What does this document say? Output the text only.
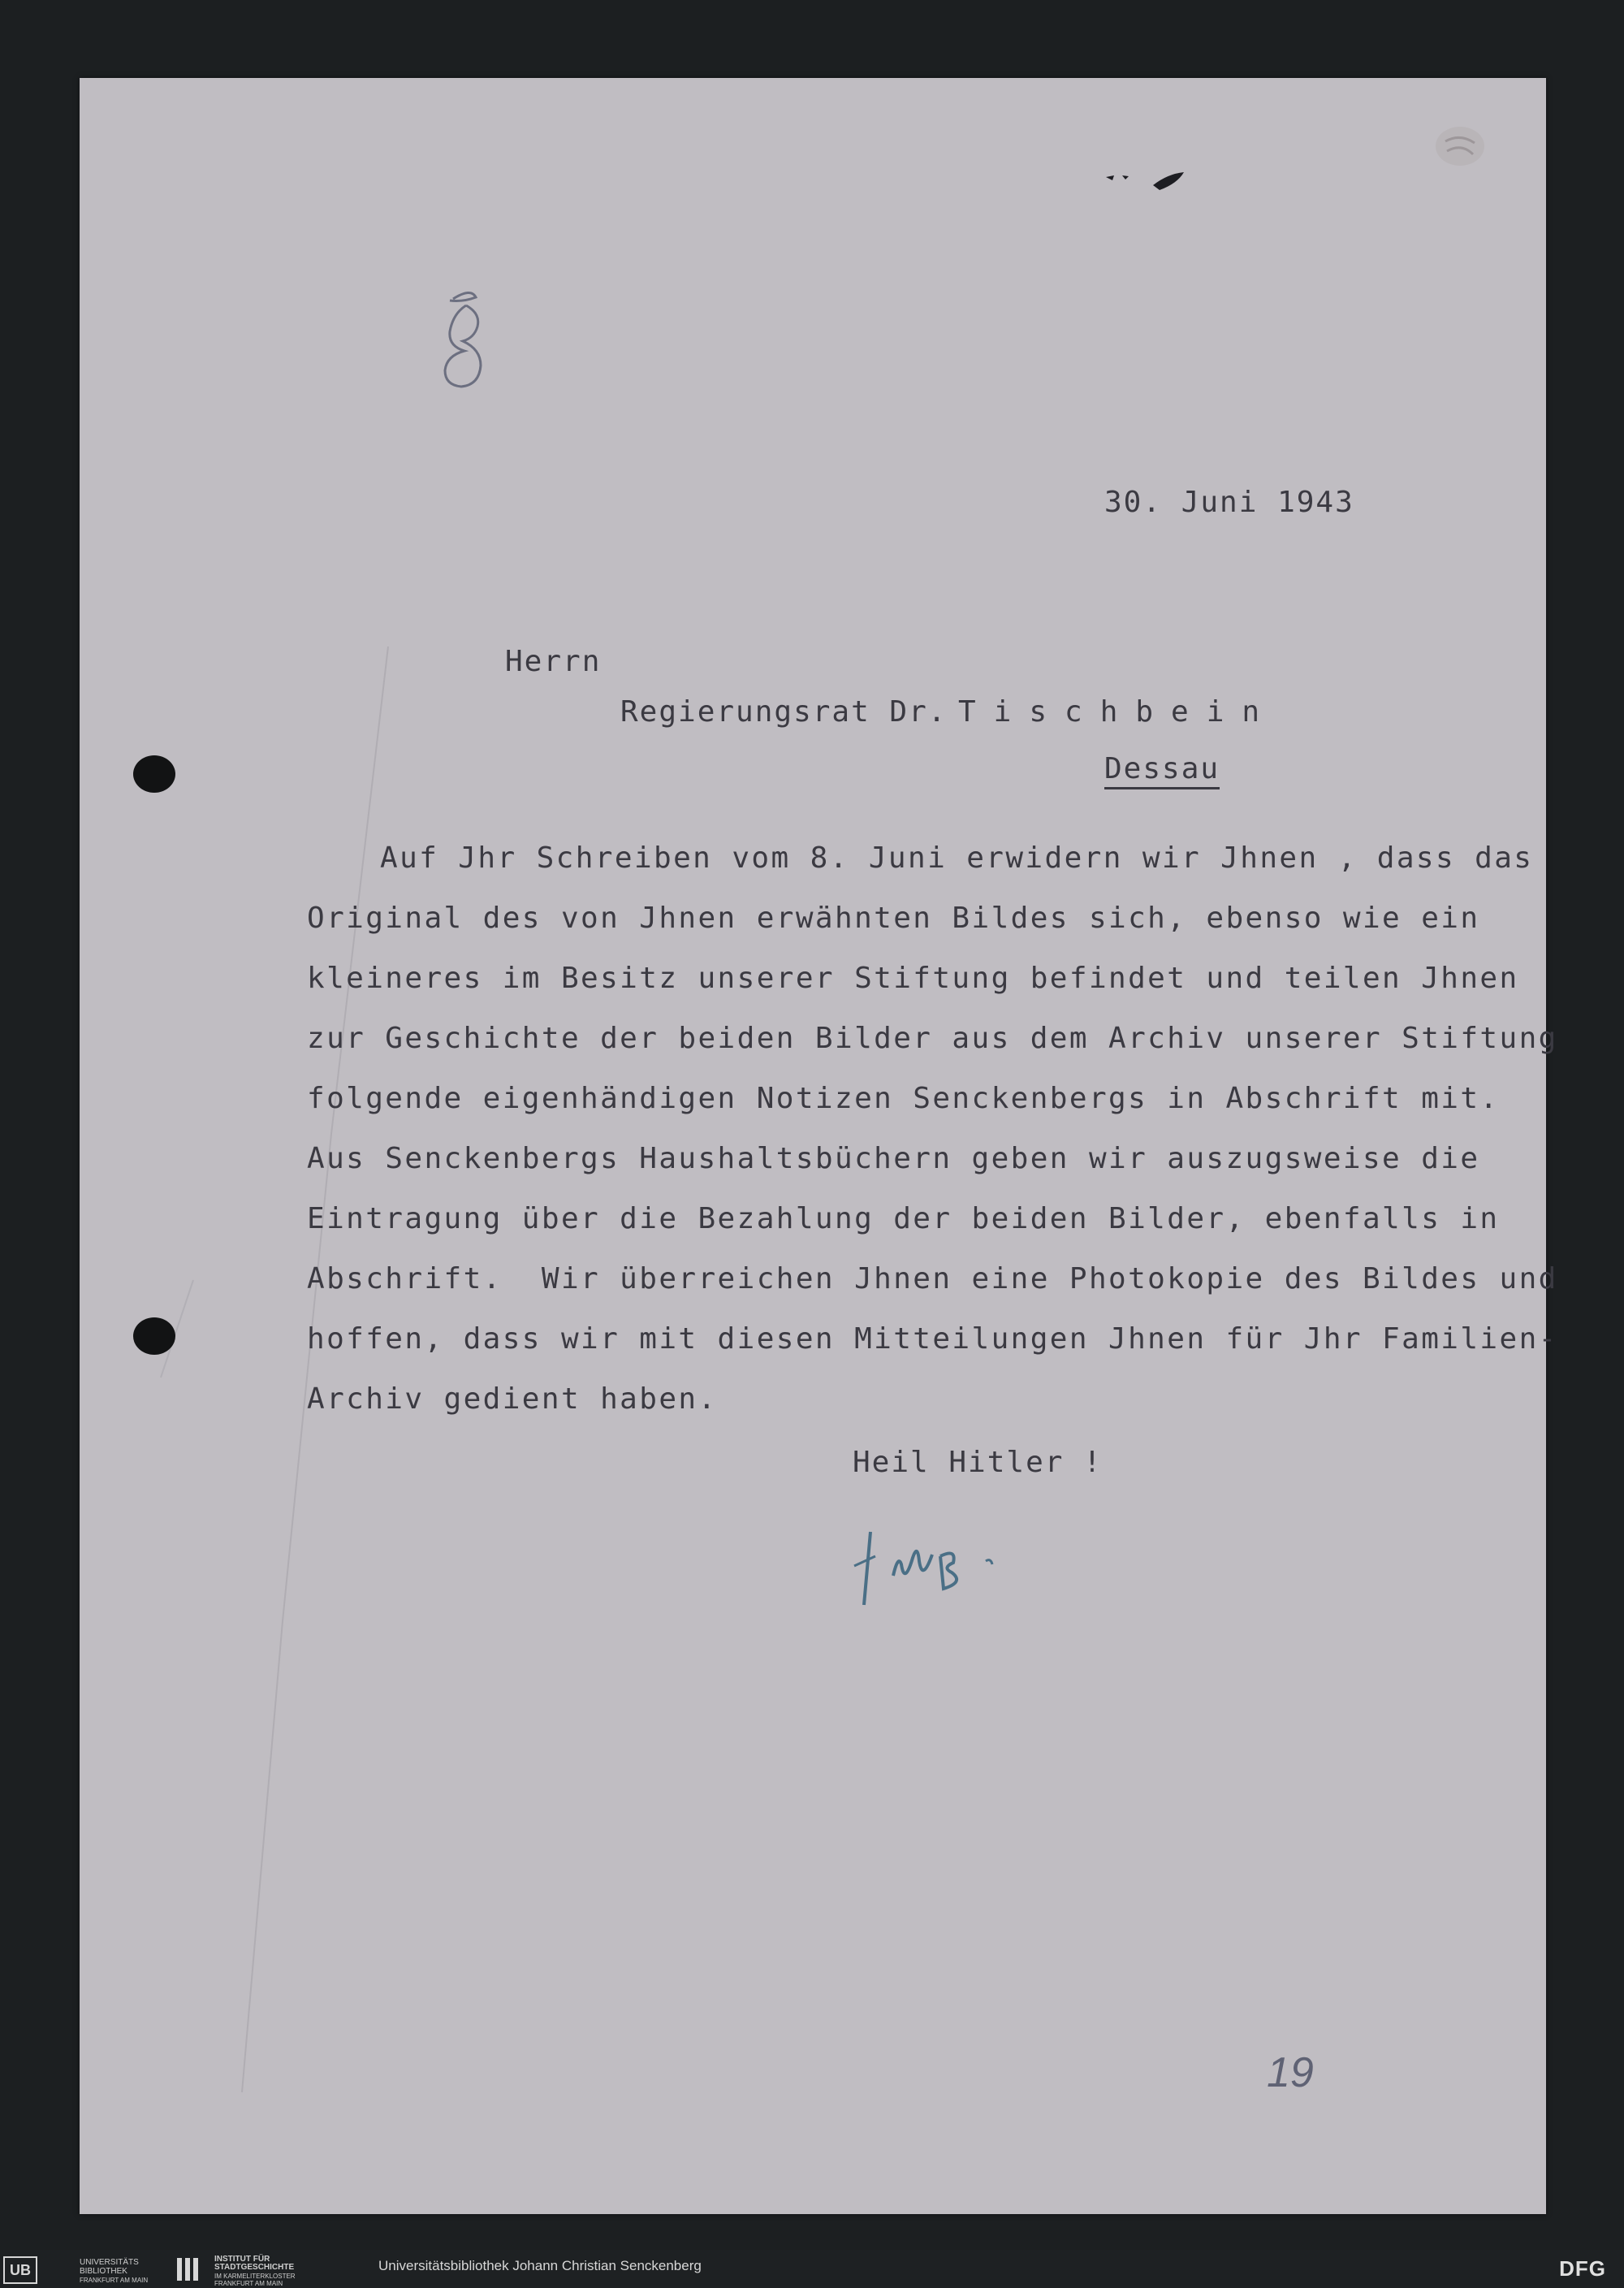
30. Juni 1943
Herrn
Regierungsrat Dr. Tischbein
Dessau
Auf Jhr Schreiben vom 8. Juni erwidern wir Jhnen , dass das
Original des von Jhnen erwähnten Bildes sich, ebenso wie ein
kleineres im Besitz unserer Stiftung befindet und teilen Jhnen
zur Geschichte der beiden Bilder aus dem Archiv unserer Stiftung
folgende eigenhändigen Notizen Senckenbergs in Abschrift mit.
Aus Senckenbergs Haushaltsbüchern geben wir auszugsweise die
Eintragung über die Bezahlung der beiden Bilder, ebenfalls in
Abschrift.  Wir überreichen Jhnen eine Photokopie des Bildes und
hoffen, dass wir mit diesen Mitteilungen Jhnen für Jhr Familien-
Archiv gedient haben.
Heil Hitler !
19
UB	UNIVERSITÄTS
BIBLIOTHEK
FRANKFURT AM MAIN
INSTITUT FÜR
STADTGESCHICHTE
IM KARMELITERKLOSTER
FRANKFURT AM MAIN
Universitätsbibliothek Johann Christian Senckenberg	DFG
